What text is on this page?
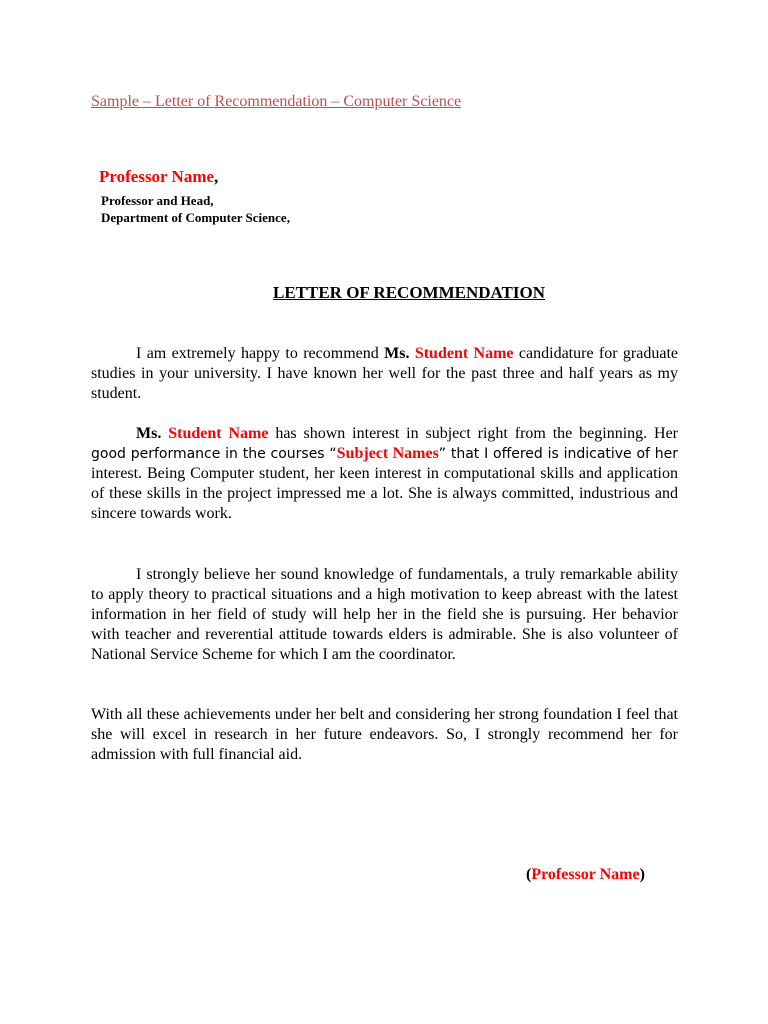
Sample – Letter of Recommendation – Computer Science
Professor Name,
Professor and Head,
Department of Computer Science,
LETTER OF RECOMMENDATION

I am extremely happy to recommend Ms. Student Name candidature for graduate studies in your university. I have known her well for the past three and half years as my student.

Ms. Student Name has shown interest in subject right from the beginning. Her good performance in the courses “Subject Names” that I offered is indicative of her interest. Being Computer student, her keen interest in computational skills and application of these skills in the project impressed me a lot. She is always committed, industrious and sincere towards work.

I strongly believe her sound knowledge of fundamentals, a truly remarkable ability to apply theory to practical situations and a high motivation to keep abreast with the latest information in her field of study will help her in the field she is pursuing. Her behavior with teacher and reverential attitude towards elders is admirable. She is also volunteer of National Service Scheme for which I am the coordinator.

With all these achievements under her belt and considering her strong foundation I feel that she will excel in research in her future endeavors. So, I strongly recommend her for admission with full financial aid.

(Professor Name)
